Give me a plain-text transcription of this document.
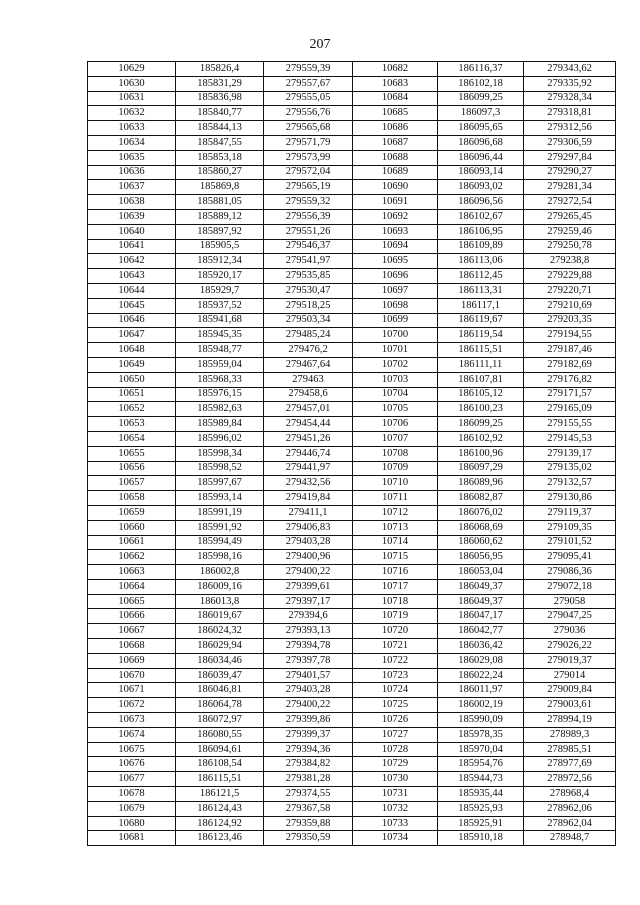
207
10629	185826,4	279559,39	10682	186116,37	279343,62
10630	185831,29	279557,67	10683	186102,18	279335,92
10631	185836,98	279555,05	10684	186099,25	279328,34
10632	185840,77	279556,76	10685	186097,3	279318,81
10633	185844,13	279565,68	10686	186095,65	279312,56
10634	185847,55	279571,79	10687	186096,68	279306,59
10635	185853,18	279573,99	10688	186096,44	279297,84
10636	185860,27	279572,04	10689	186093,14	279290,27
10637	185869,8	279565,19	10690	186093,02	279281,34
10638	185881,05	279559,32	10691	186096,56	279272,54
10639	185889,12	279556,39	10692	186102,67	279265,45
10640	185897,92	279551,26	10693	186106,95	279259,46
10641	185905,5	279546,37	10694	186109,89	279250,78
10642	185912,34	279541,97	10695	186113,06	279238,8
10643	185920,17	279535,85	10696	186112,45	279229,88
10644	185929,7	279530,47	10697	186113,31	279220,71
10645	185937,52	279518,25	10698	186117,1	279210,69
10646	185941,68	279503,34	10699	186119,67	279203,35
10647	185945,35	279485,24	10700	186119,54	279194,55
10648	185948,77	279476,2	10701	186115,51	279187,46
10649	185959,04	279467,64	10702	186111,11	279182,69
10650	185968,33	279463	10703	186107,81	279176,82
10651	185976,15	279458,6	10704	186105,12	279171,57
10652	185982,63	279457,01	10705	186100,23	279165,09
10653	185989,84	279454,44	10706	186099,25	279155,55
10654	185996,02	279451,26	10707	186102,92	279145,53
10655	185998,34	279446,74	10708	186100,96	279139,17
10656	185998,52	279441,97	10709	186097,29	279135,02
10657	185997,67	279432,56	10710	186089,96	279132,57
10658	185993,14	279419,84	10711	186082,87	279130,86
10659	185991,19	279411,1	10712	186076,02	279119,37
10660	185991,92	279406,83	10713	186068,69	279109,35
10661	185994,49	279403,28	10714	186060,62	279101,52
10662	185998,16	279400,96	10715	186056,95	279095,41
10663	186002,8	279400,22	10716	186053,04	279086,36
10664	186009,16	279399,61	10717	186049,37	279072,18
10665	186013,8	279397,17	10718	186049,37	279058
10666	186019,67	279394,6	10719	186047,17	279047,25
10667	186024,32	279393,13	10720	186042,77	279036
10668	186029,94	279394,78	10721	186036,42	279026,22
10669	186034,46	279397,78	10722	186029,08	279019,37
10670	186039,47	279401,57	10723	186022,24	279014
10671	186046,81	279403,28	10724	186011,97	279009,84
10672	186064,78	279400,22	10725	186002,19	279003,61
10673	186072,97	279399,86	10726	185990,09	278994,19
10674	186080,55	279399,37	10727	185978,35	278989,3
10675	186094,61	279394,36	10728	185970,04	278985,51
10676	186108,54	279384,82	10729	185954,76	278977,69
10677	186115,51	279381,28	10730	185944,73	278972,56
10678	186121,5	279374,55	10731	185935,44	278968,4
10679	186124,43	279367,58	10732	185925,93	278962,06
10680	186124,92	279359,88	10733	185925,91	278962,04
10681	186123,46	279350,59	10734	185910,18	278948,7
